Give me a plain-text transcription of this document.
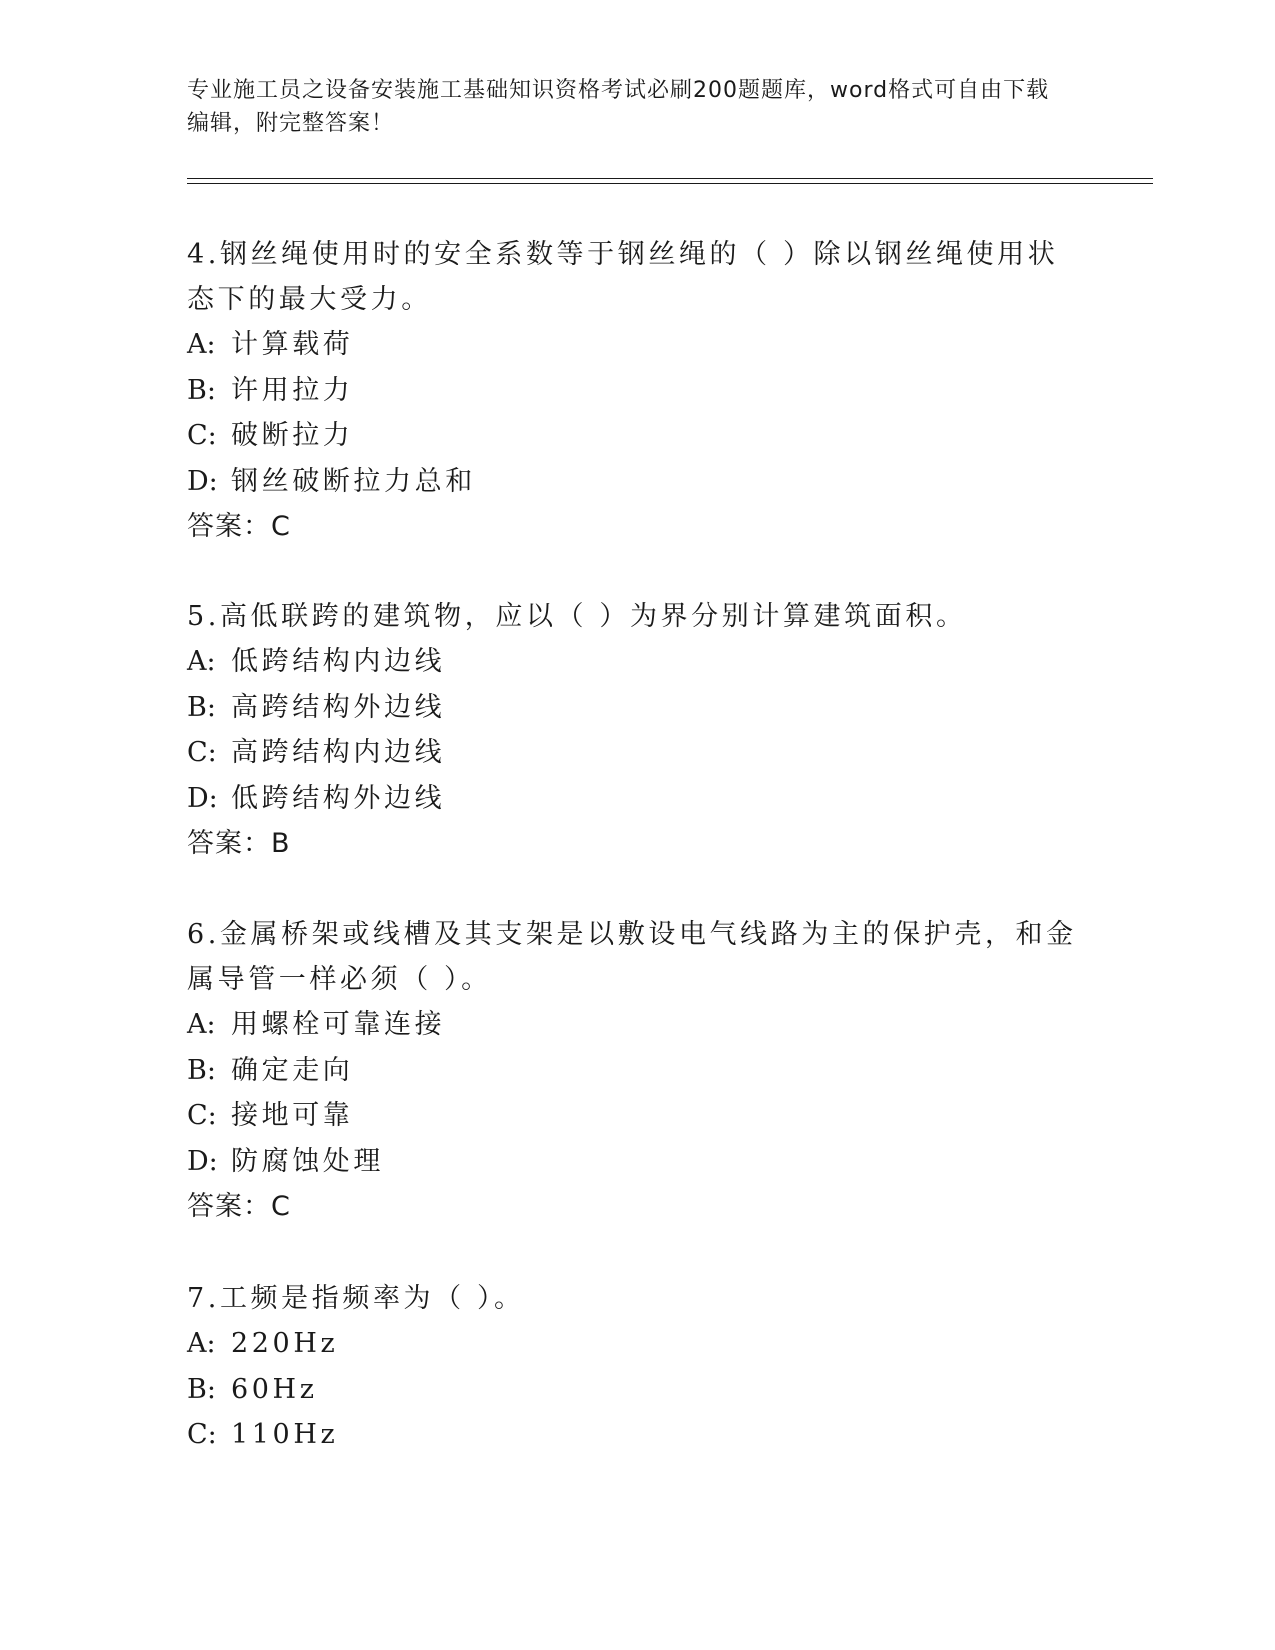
专业施工员之设备安装施工基础知识资格考试必刷200题题库，word格式可自由下载编辑，附完整答案！

4.钢丝绳使用时的安全系数等于钢丝绳的（ ）除以钢丝绳使用状态下的最大受力。

A: 计算载荷

B: 许用拉力

C: 破断拉力

D: 钢丝破断拉力总和

答案：C

5.高低联跨的建筑物，应以（ ）为界分别计算建筑面积。

A: 低跨结构内边线

B: 高跨结构外边线

C: 高跨结构内边线

D: 低跨结构外边线

答案：B

6.金属桥架或线槽及其支架是以敷设电气线路为主的保护壳，和金属导管一样必须（ ）。

A: 用螺栓可靠连接

B: 确定走向

C: 接地可靠

D: 防腐蚀处理

答案：C

7.工频是指频率为（ ）。

A: 220Hz

B: 60Hz

C: 110Hz
